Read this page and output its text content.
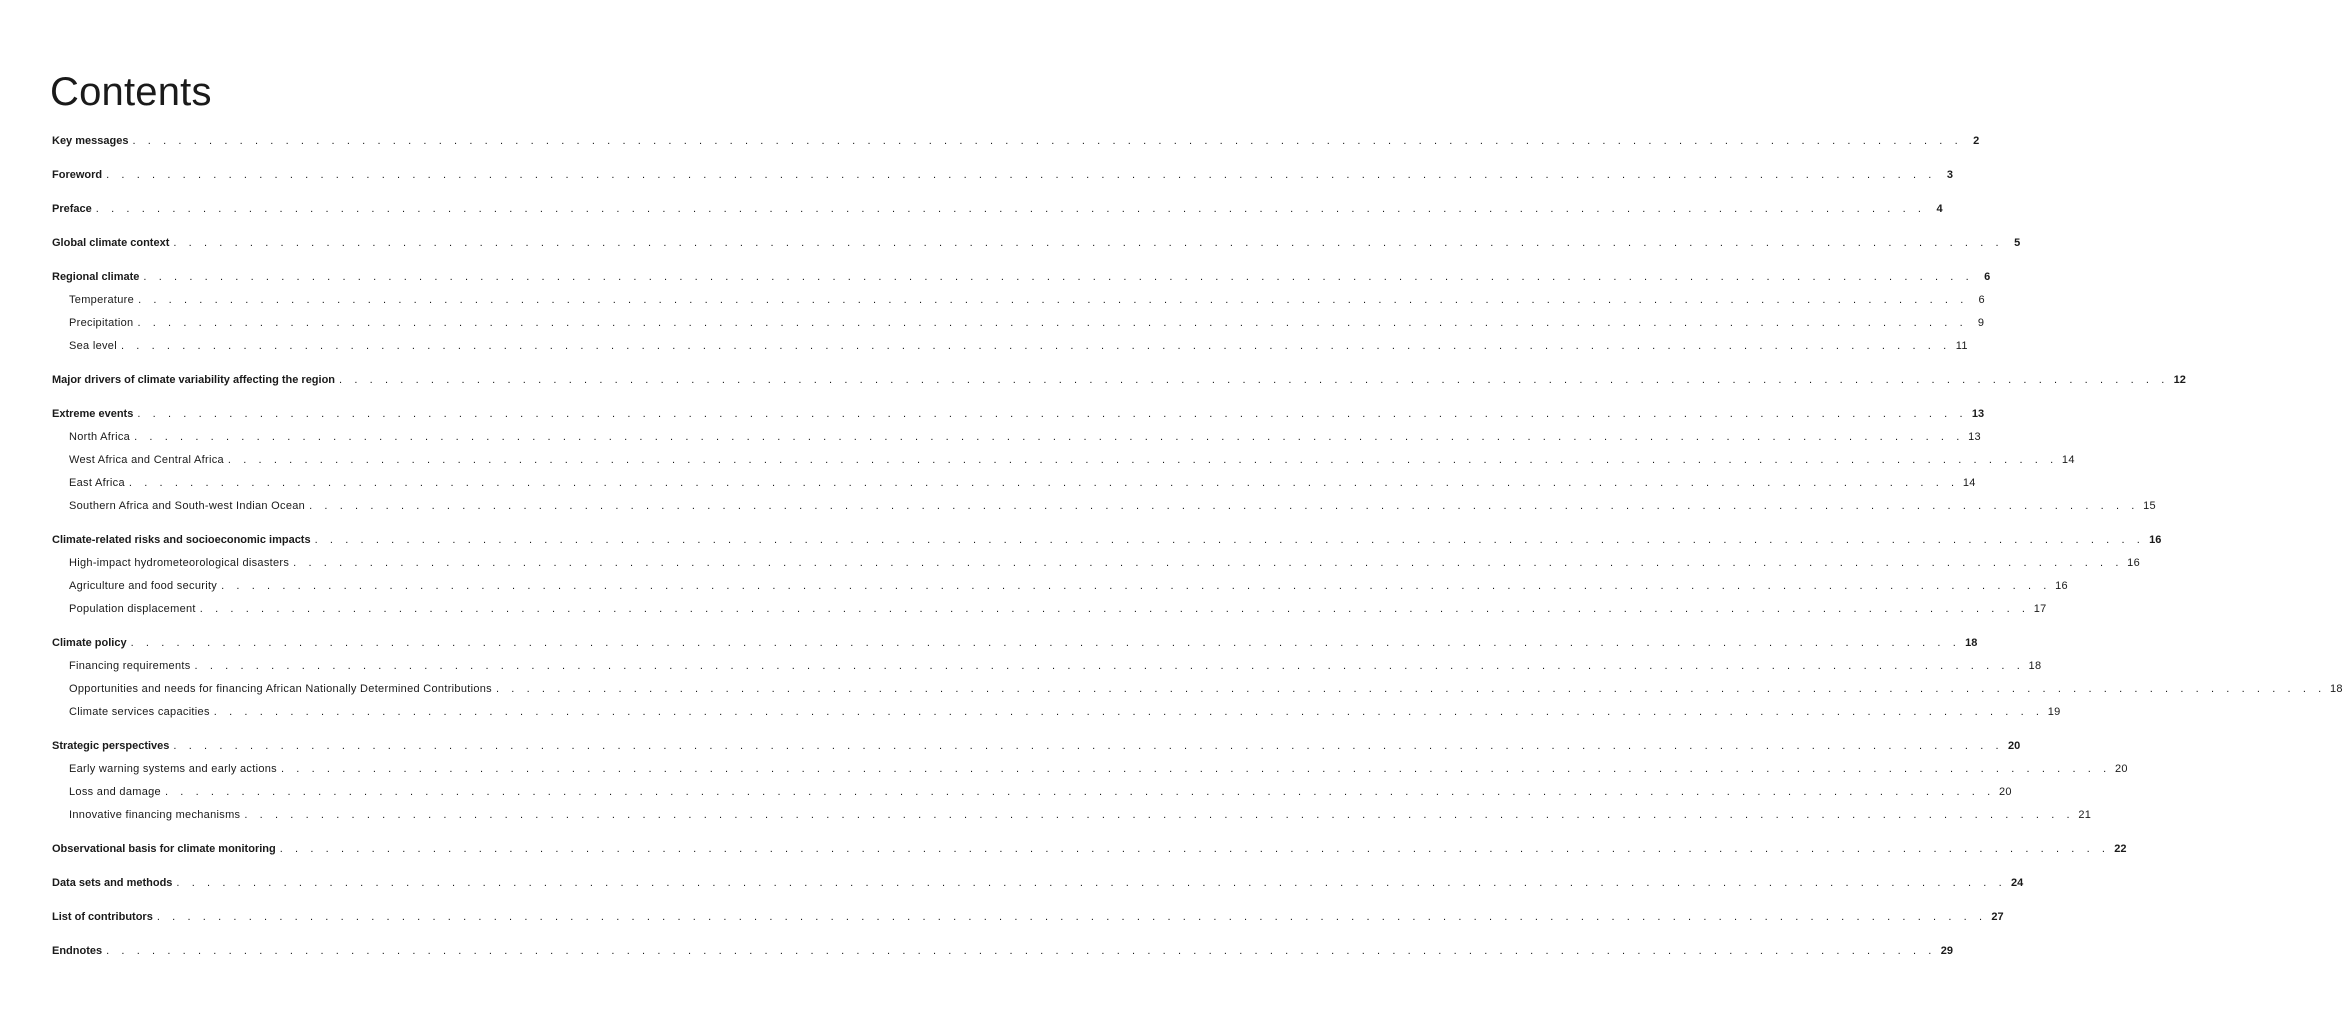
Contents
Key messages . . . . . . . . . . . . . . . . . . . . . . . . . . . . . . . . . . . . . . . . . . . . . . . . . . . . . . . . . . . . . . . . . . . . . . . . . . . . . . . . . . . . . . . . . . . . . . . . . . . . . . . . . . . . . . . . . . . . . . . . 2
Foreword . . . . . . . . . . . . . . . . . . . . . . . . . . . . . . . . . . . . . . . . . . . . . . . . . . . . . . . . . . . . . . . . . . . . . . . . . . . . . . . . . . . . . . . . . . . . . . . . . . . . . . . . . . . . . . . . . . . . . . . . 3
Preface . . . . . . . . . . . . . . . . . . . . . . . . . . . . . . . . . . . . . . . . . . . . . . . . . . . . . . . . . . . . . . . . . . . . . . . . . . . . . . . . . . . . . . . . . . . . . . . . . . . . . . . . . . . . . . . . . . . . . . . . 4
Global climate context . . . . . . . . . . . . . . . . . . . . . . . . . . . . . . . . . . . . . . . . . . . . . . . . . . . . . . . . . . . . . . . . . . . . . . . . . . . . . . . . . . . . . . . . . . . . . . . . . . . . . . . . . . . . . . . . . . . . . . . . 5
Regional climate . . . . . . . . . . . . . . . . . . . . . . . . . . . . . . . . . . . . . . . . . . . . . . . . . . . . . . . . . . . . . . . . . . . . . . . . . . . . . . . . . . . . . . . . . . . . . . . . . . . . . . . . . . . . . . . . . . . . . . . . 6
Temperature . . . . . . . . . . . . . . . . . . . . . . . . . . . . . . . . . . . . . . . . . . . . . . . . . . . . . . . . . . . . . . . . . . . . . . . . . . . . . . . . . . . . . . . . . . . . . . . . . . . . . . . . . . . . . . . . . . . . . . . . 6
Precipitation . . . . . . . . . . . . . . . . . . . . . . . . . . . . . . . . . . . . . . . . . . . . . . . . . . . . . . . . . . . . . . . . . . . . . . . . . . . . . . . . . . . . . . . . . . . . . . . . . . . . . . . . . . . . . . . . . . . . . . . . 9
Sea level . . . . . . . . . . . . . . . . . . . . . . . . . . . . . . . . . . . . . . . . . . . . . . . . . . . . . . . . . . . . . . . . . . . . . . . . . . . . . . . . . . . . . . . . . . . . . . . . . . . . . . . . . . . . . . . . . . . . . . . . 11
Major drivers of climate variability affecting the region . . . . . . . . . . . . . . . . . . . . . . . . . . . . . . . . . . . . . . . . . . . . . . . . . . . . . . . . . . . . . . . . . . . . . . . . . . . . . . . . . . . . . . . . . . . . . . . . . . . . . . . . . . . . . . . . . . . . . . . . 12
Extreme events . . . . . . . . . . . . . . . . . . . . . . . . . . . . . . . . . . . . . . . . . . . . . . . . . . . . . . . . . . . . . . . . . . . . . . . . . . . . . . . . . . . . . . . . . . . . . . . . . . . . . . . . . . . . . . . . . . . . . . . . 13
North Africa . . . . . . . . . . . . . . . . . . . . . . . . . . . . . . . . . . . . . . . . . . . . . . . . . . . . . . . . . . . . . . . . . . . . . . . . . . . . . . . . . . . . . . . . . . . . . . . . . . . . . . . . . . . . . . . . . . . . . . . . 13
West Africa and Central Africa . . . . . . . . . . . . . . . . . . . . . . . . . . . . . . . . . . . . . . . . . . . . . . . . . . . . . . . . . . . . . . . . . . . . . . . . . . . . . . . . . . . . . . . . . . . . . . . . . . . . . . . . . . . . . . . . . . . . . . . . 14
East Africa . . . . . . . . . . . . . . . . . . . . . . . . . . . . . . . . . . . . . . . . . . . . . . . . . . . . . . . . . . . . . . . . . . . . . . . . . . . . . . . . . . . . . . . . . . . . . . . . . . . . . . . . . . . . . . . . . . . . . . . . 14
Southern Africa and South-west Indian Ocean . . . . . . . . . . . . . . . . . . . . . . . . . . . . . . . . . . . . . . . . . . . . . . . . . . . . . . . . . . . . . . . . . . . . . . . . . . . . . . . . . . . . . . . . . . . . . . . . . . . . . . . . . . . . . . . . . . . . . . . . 15
Climate-related risks and socioeconomic impacts . . . . . . . . . . . . . . . . . . . . . . . . . . . . . . . . . . . . . . . . . . . . . . . . . . . . . . . . . . . . . . . . . . . . . . . . . . . . . . . . . . . . . . . . . . . . . . . . . . . . . . . . . . . . . . . . . . . . . . . . 16
High-impact hydrometeorological disasters . . . . . . . . . . . . . . . . . . . . . . . . . . . . . . . . . . . . . . . . . . . . . . . . . . . . . . . . . . . . . . . . . . . . . . . . . . . . . . . . . . . . . . . . . . . . . . . . . . . . . . . . . . . . . . . . . . . . . . . . 16
Agriculture and food security . . . . . . . . . . . . . . . . . . . . . . . . . . . . . . . . . . . . . . . . . . . . . . . . . . . . . . . . . . . . . . . . . . . . . . . . . . . . . . . . . . . . . . . . . . . . . . . . . . . . . . . . . . . . . . . . . . . . . . . . 16
Population displacement . . . . . . . . . . . . . . . . . . . . . . . . . . . . . . . . . . . . . . . . . . . . . . . . . . . . . . . . . . . . . . . . . . . . . . . . . . . . . . . . . . . . . . . . . . . . . . . . . . . . . . . . . . . . . . . . . . . . . . . . 17
Climate policy . . . . . . . . . . . . . . . . . . . . . . . . . . . . . . . . . . . . . . . . . . . . . . . . . . . . . . . . . . . . . . . . . . . . . . . . . . . . . . . . . . . . . . . . . . . . . . . . . . . . . . . . . . . . . . . . . . . . . . . . 18
Financing requirements . . . . . . . . . . . . . . . . . . . . . . . . . . . . . . . . . . . . . . . . . . . . . . . . . . . . . . . . . . . . . . . . . . . . . . . . . . . . . . . . . . . . . . . . . . . . . . . . . . . . . . . . . . . . . . . . . . . . . . . . 18
Opportunities and needs for financing African Nationally Determined Contributions . . . . . . . . . . . . . . . . . . . . . . . . . . . . . . . . . . . . . . . . . . . . . . . . . . . . . . . . . . . . . . . . . . . . . . . . . . . . . . . . . . . . . . . . . . . . . . . . . . . . . . . . . . . . . . . . . . . . . . . . 18
Climate services capacities . . . . . . . . . . . . . . . . . . . . . . . . . . . . . . . . . . . . . . . . . . . . . . . . . . . . . . . . . . . . . . . . . . . . . . . . . . . . . . . . . . . . . . . . . . . . . . . . . . . . . . . . . . . . . . . . . . . . . . . . 19
Strategic perspectives . . . . . . . . . . . . . . . . . . . . . . . . . . . . . . . . . . . . . . . . . . . . . . . . . . . . . . . . . . . . . . . . . . . . . . . . . . . . . . . . . . . . . . . . . . . . . . . . . . . . . . . . . . . . . . . . . . . . . . . . 20
Early warning systems and early actions . . . . . . . . . . . . . . . . . . . . . . . . . . . . . . . . . . . . . . . . . . . . . . . . . . . . . . . . . . . . . . . . . . . . . . . . . . . . . . . . . . . . . . . . . . . . . . . . . . . . . . . . . . . . . . . . . . . . . . . . 20
Loss and damage . . . . . . . . . . . . . . . . . . . . . . . . . . . . . . . . . . . . . . . . . . . . . . . . . . . . . . . . . . . . . . . . . . . . . . . . . . . . . . . . . . . . . . . . . . . . . . . . . . . . . . . . . . . . . . . . . . . . . . . . 20
Innovative financing mechanisms . . . . . . . . . . . . . . . . . . . . . . . . . . . . . . . . . . . . . . . . . . . . . . . . . . . . . . . . . . . . . . . . . . . . . . . . . . . . . . . . . . . . . . . . . . . . . . . . . . . . . . . . . . . . . . . . . . . . . . . . 21
Observational basis for climate monitoring . . . . . . . . . . . . . . . . . . . . . . . . . . . . . . . . . . . . . . . . . . . . . . . . . . . . . . . . . . . . . . . . . . . . . . . . . . . . . . . . . . . . . . . . . . . . . . . . . . . . . . . . . . . . . . . . . . . . . . . . 22
Data sets and methods . . . . . . . . . . . . . . . . . . . . . . . . . . . . . . . . . . . . . . . . . . . . . . . . . . . . . . . . . . . . . . . . . . . . . . . . . . . . . . . . . . . . . . . . . . . . . . . . . . . . . . . . . . . . . . . . . . . . . . . . 24
List of contributors . . . . . . . . . . . . . . . . . . . . . . . . . . . . . . . . . . . . . . . . . . . . . . . . . . . . . . . . . . . . . . . . . . . . . . . . . . . . . . . . . . . . . . . . . . . . . . . . . . . . . . . . . . . . . . . . . . . . . . . . 27
Endnotes . . . . . . . . . . . . . . . . . . . . . . . . . . . . . . . . . . . . . . . . . . . . . . . . . . . . . . . . . . . . . . . . . . . . . . . . . . . . . . . . . . . . . . . . . . . . . . . . . . . . . . . . . . . . . . . . . . . . . . . . 29
